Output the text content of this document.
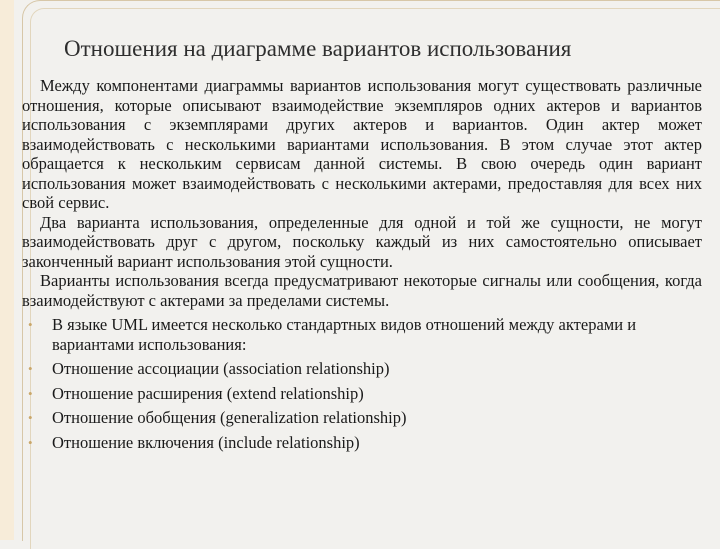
Отношения на диаграмме вариантов использования

Между компонентами диаграммы вариантов использования могут существовать различные отношения, которые описывают взаимодействие экземпляров одних актеров и вариантов использования с экземплярами других актеров и вариантов. Один актер может взаимодействовать с несколькими вариантами использования. В этом случае этот актер обращается к нескольким сервисам данной системы. В свою очередь один вариант использования может взаимодействовать с несколькими актерами, предоставляя для всех них свой сервис.

Два варианта использования, определенные для одной и той же сущности, не могут взаимодействовать друг с другом, поскольку каждый из них самостоятельно описывает законченный вариант использования этой сущности.

Варианты использования всегда предусматривают некоторые сигналы или сообщения, когда взаимодействуют с актерами за пределами системы.

• В языке UML имеется несколько стандартных видов отношений между актерами и вариантами использования:
• Отношение ассоциации (association relationship)
• Отношение расширения (extend relationship)
• Отношение обобщения (generalization relationship)
• Отношение включения (include relationship)
